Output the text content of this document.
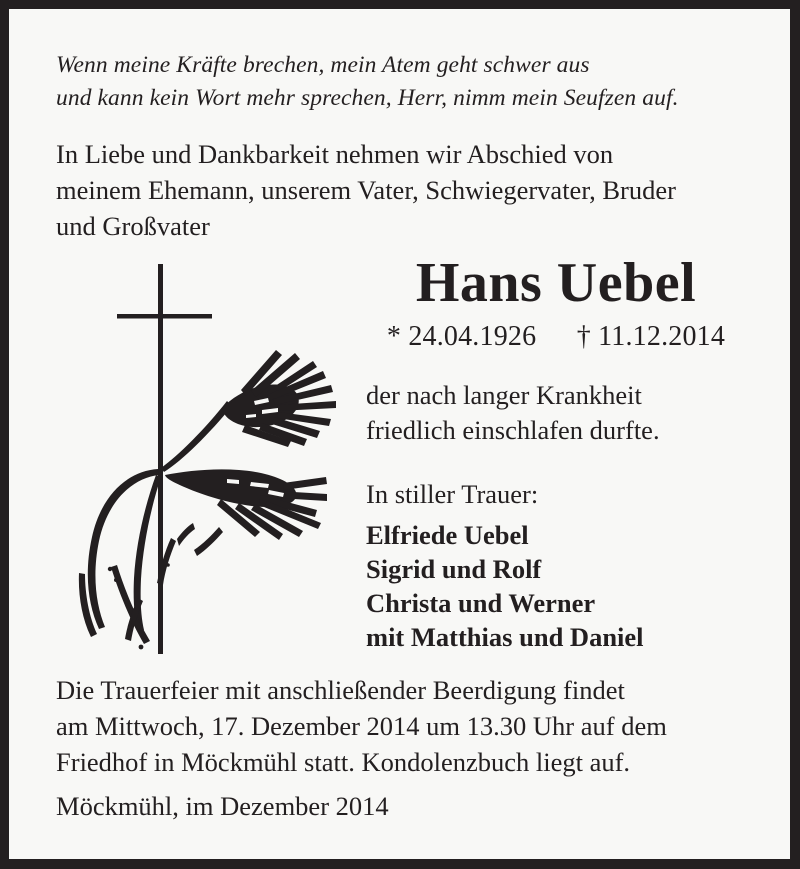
Wenn meine Kräfte brechen, mein Atem geht schwer aus
und kann kein Wort mehr sprechen, Herr, nimm mein Seufzen auf.
In Liebe und Dankbarkeit nehmen wir Abschied von
meinem Ehemann, unserem Vater, Schwiegervater, Bruder
und Großvater
Hans Uebel
* 24.04.1926 † 11.12.2014
der nach langer Krankheit
friedlich einschlafen durfte.
In stiller Trauer:
Elfriede Uebel
Sigrid und Rolf
Christa und Werner
mit Matthias und Daniel
Die Trauerfeier mit anschließender Beerdigung findet
am Mittwoch, 17. Dezember 2014 um 13.30 Uhr auf dem
Friedhof in Möckmühl statt. Kondolenzbuch liegt auf.
Möckmühl, im Dezember 2014
